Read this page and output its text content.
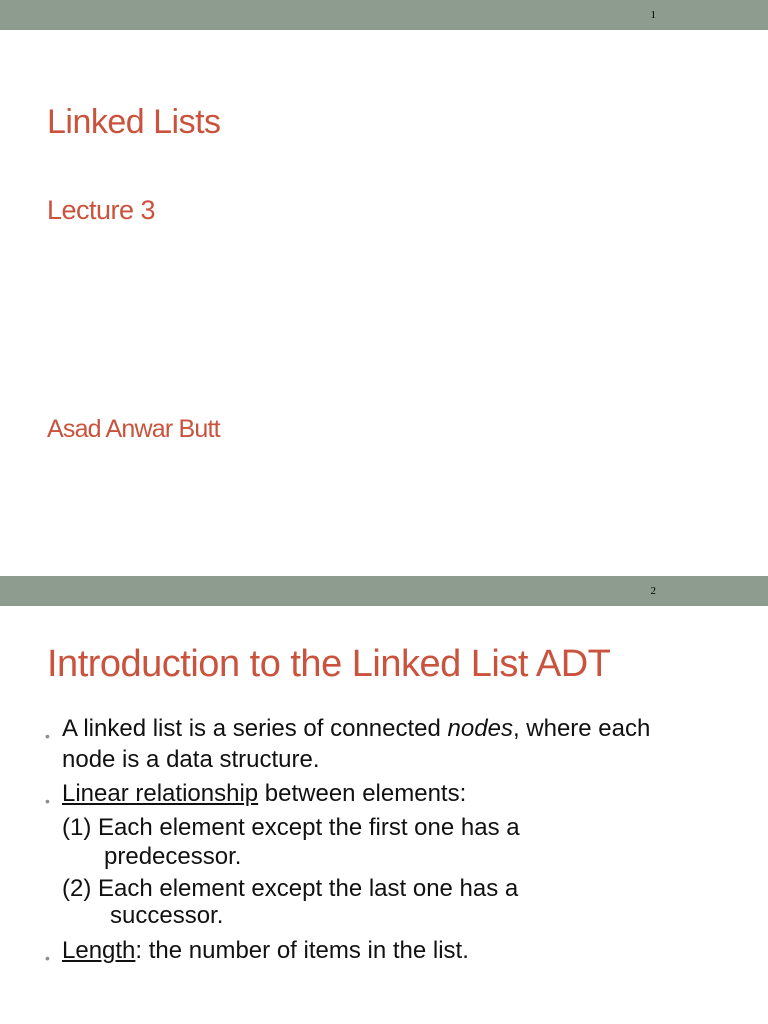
1
Linked Lists
Lecture 3
Asad Anwar Butt
2
Introduction to the Linked List ADT
• A linked list is a series of connected nodes, where each
node is a data structure.
• Linear relationship between elements:
(1) Each element except the first one has a
predecessor.
(2) Each element except the last one has a
successor.
• Length: the number of items in the list.
